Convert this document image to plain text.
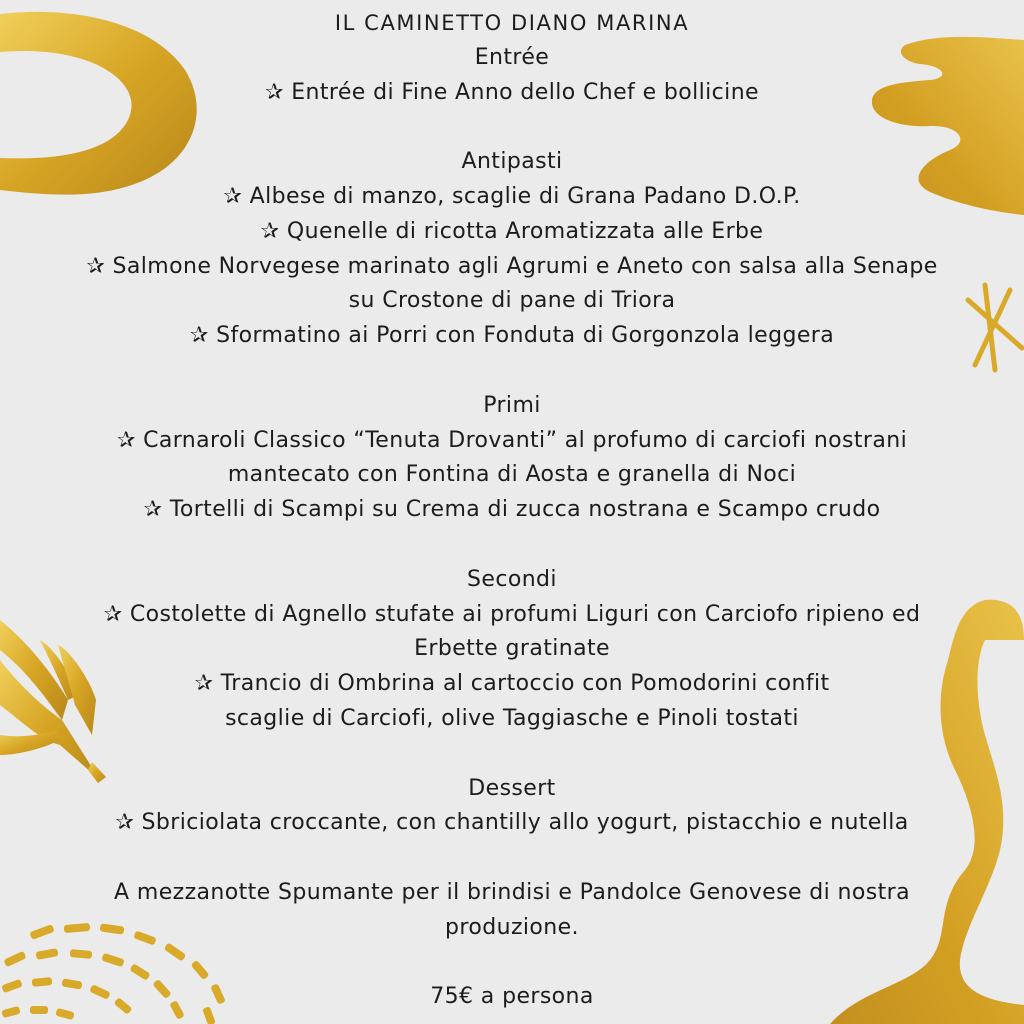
IL CAMINETTO DIANO MARINA
Entrée
✰ Entrée di Fine Anno dello Chef e bollicine
Antipasti
✰ Albese di manzo, scaglie di Grana Padano D.O.P.
✰ Quenelle di ricotta Aromatizzata alle Erbe
✰ Salmone Norvegese marinato agli Agrumi e Aneto con salsa alla Senape
su Crostone di pane di Triora
✰ Sformatino ai Porri con Fonduta di Gorgonzola leggera
Primi
✰ Carnaroli Classico “Tenuta Drovanti” al profumo di carciofi nostrani
mantecato con Fontina di Aosta e granella di Noci
✰ Tortelli di Scampi su Crema di zucca nostrana e Scampo crudo
Secondi
✰ Costolette di Agnello stufate ai profumi Liguri con Carciofo ripieno ed
Erbette gratinate
✰ Trancio di Ombrina al cartoccio con Pomodorini confit
scaglie di Carciofi, olive Taggiasche e Pinoli tostati
Dessert
✰ Sbriciolata croccante, con chantilly allo yogurt, pistacchio e nutella
A mezzanotte Spumante per il brindisi e Pandolce Genovese di nostra
produzione.
75€ a persona
